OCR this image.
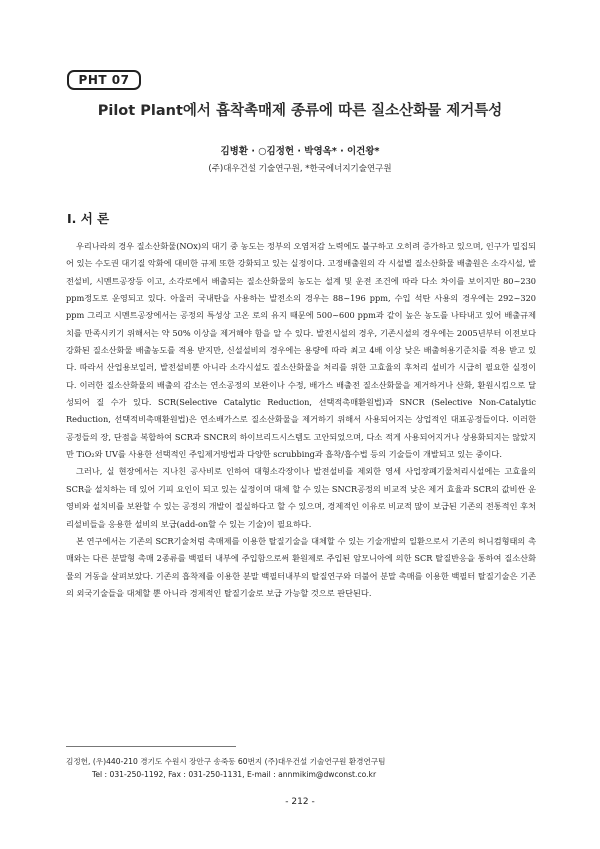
PHT 07
Pilot Plant에서 흡착촉매제 종류에 따른 질소산화물 제거특성
김병환 · ○김정헌 · 박영옥* · 이건왕*
(주)대우건설 기술연구원, *한국에너지기술연구원
I. 서 론

우리나라의 경우 질소산화물(NOx)의 대기 중 농도는 정부의 오염저감 노력에도 불구하고 오히려 증가하고 있으며, 인구가 밀집되어 있는 수도권 대기질 악화에 대비한 규제 또한 강화되고 있는 실정이다. 고정배출원의 각 시설별 질소산화물 배출원은 소각시설, 발전설비, 시멘트공장등 이고, 소각로에서 배출되는 질소산화물의 농도는 설계 및 운전 조건에 따라 다소 차이를 보이지만 80~230 ppm정도로 운영되고 있다. 아울러 국내탄을 사용하는 발전소의 경우는 88~196 ppm, 수입 석탄 사용의 경우에는 292~320 ppm 그리고 시멘트공장에서는 공정의 특성상 고온 로의 유지 때문에 500~600 ppm과 같이 높은 농도를 나타내고 있어 배출규제치를 만족시키기 위해서는 약 50% 이상을 제거해야 함을 알 수 있다. 발전시설의 경우, 기존시설의 경우에는 2005년부터 이전보다 강화된 질소산화물 배출농도를 적용 받지만, 신설설비의 경우에는 용량에 따라 최고 4배 이상 낮은 배출허용기준치를 적용 받고 있다. 따라서 산업용보일러, 발전설비뿐 아니라 소각시설도 질소산화물을 처리를 위한 고효율의 후처리 설비가 시급히 필요한 실정이다. 이러한 질소산화물의 배출의 감소는 연소공정의 보완이나 수정, 배가스 배출전 질소산화물을 제거하거나 산화, 환원시킴으로 달성되어 질 수가 있다. SCR(Selective Catalytic Reduction, 선택적촉매환원법)과 SNCR (Selective Non-Catalytic Reduction, 선택적비촉매환원법)은 연소배가스로 질소산화물을 제거하기 위해서 사용되어지는 상업적인 대표공정들이다. 이러한 공정들의 장, 단점을 복합하여 SCR과 SNCR의 하이브리드시스템도 고안되었으며, 다소 적게 사용되어지거나 상용화되지는 않았지만 TiO₂와 UV를 사용한 선택적인 주입제거방법과 다양한 scrubbing과 흡착/흡수법 등의 기술들이 개발되고 있는 중이다.

그러나, 실 현장에서는 지나친 공사비로 인하여 대형소각장이나 발전설비를 제외한 영세 사업장폐기물처리시설에는 고효율의 SCR을 설치하는 데 있어 기피 요인이 되고 있는 실정이며 대체 할 수 있는 SNCR공정의 비교적 낮은 제거 효율과 SCR의 값비싼 운영비와 설치비를 보완할 수 있는 공정의 개발이 절실하다고 할 수 있으며, 경제적인 이유로 비교적 많이 보급된 기존의 전통적인 후처리설비들을 응용한 설비의 보급(add-on할 수 있는 기술)이 필요하다.

본 연구에서는 기존의 SCR기술처럼 촉매제를 이용한 탈질기술을 대체할 수 있는 기술개발의 일환으로서 기존의 허니컴형태의 촉매와는 다른 분말형 촉매 2종류를 백필터 내부에 주입함으로써 환원제로 주입된 암모니아에 의한 SCR 탈질반응을 통하여 질소산화물의 거동을 살펴보았다. 기존의 흡착제를 이용한 분말 백필터내부의 탈질연구와 더불어 분말 촉매를 이용한 백필터 탈질기술은 기존의 외국기술들을 대체할 뿐 아니라 경제적인 탈질기술로 보급 가능할 것으로 판단된다.

김정헌, (우)440-210 경기도 수원시 장안구 송죽동 60번지 (주)대우건설 기술연구원 환경연구팀
Tel : 031-250-1192, Fax : 031-250-1131, E-mail : annmikim@dwconst.co.kr
- 212 -
